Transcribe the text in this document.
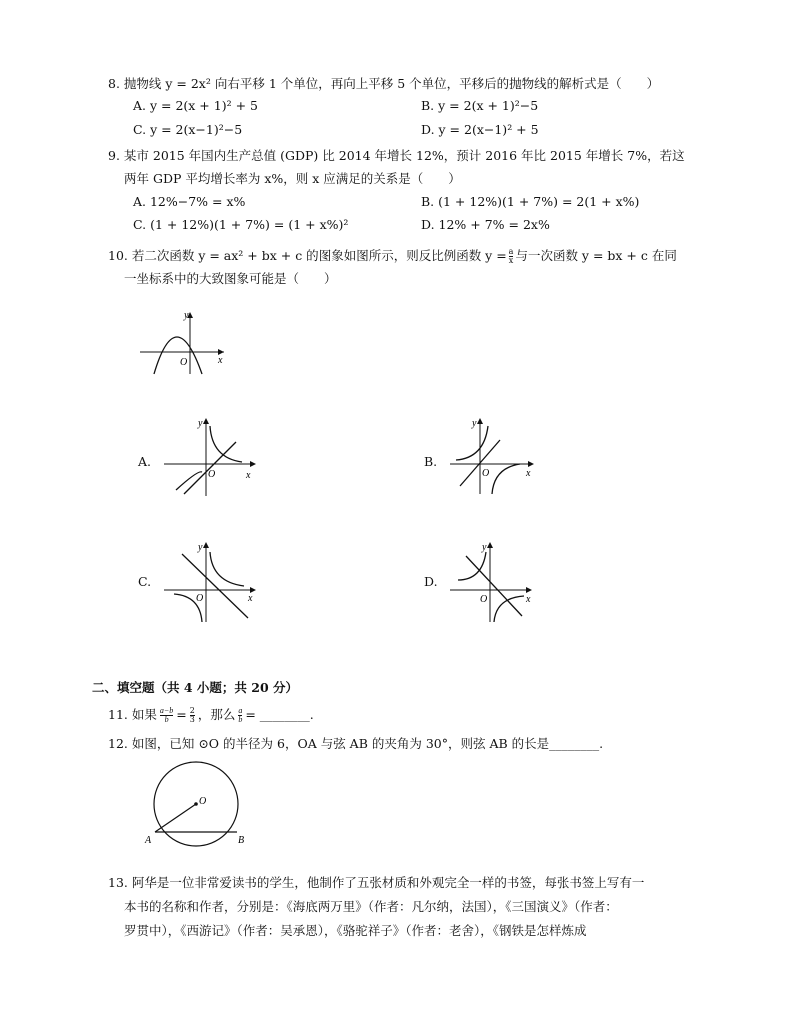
8. 抛物线 y = 2x² 向右平移 1 个单位，再向上平移 5 个单位，平移后的抛物线的解析式是（　　）
A. y = 2(x + 1)² + 5	B. y = 2(x + 1)²−5
C. y = 2(x−1)²−5	D. y = 2(x−1)² + 5
9. 某市 2015 年国内生产总值 (GDP) 比 2014 年增长 12%，预计 2016 年比 2015 年增长 7%，若这
两年 GDP 平均增长率为 x%，则 x 应满足的关系是（　　）
A. 12%−7% = x%	B. (1 + 12%)(1 + 7%) = 2(1 + x%)
C. (1 + 12%)(1 + 7%) = (1 + x%)²	D. 12% + 7% = 2x%
10. 若二次函数 y = ax² + bx + c 的图象如图所示，则反比例函数 $y = \frac{a}{x}$ 与一次函数 y = bx + c 在同
一坐标系中的大致图象可能是（　　）
y
x
O
A.
y
x
O
B.
y
x
O
C.
y
x
O
D.
y
x
O
二、填空题（共 4 小题；共 20 分）
11. 如果 $\frac{a-b}{b} = \frac{2}{3}$ ，那么 $\frac{a}{b}$ = ________.
12. 如图，已知 ⊙O 的半径为 6，OA 与弦 AB 的夹角为 30°，则弦 AB 的长是________.
O
A	B
13. 阿华是一位非常爱读书的学生，他制作了五张材质和外观完全一样的书签，每张书签上写有一
本书的名称和作者，分别是：《海底两万里》（作者：凡尔纳，法国），《三国演义》（作者：
罗贯中），《西游记》（作者：吴承恩），《骆驼祥子》（作者：老舍），《钢铁是怎样炼成
